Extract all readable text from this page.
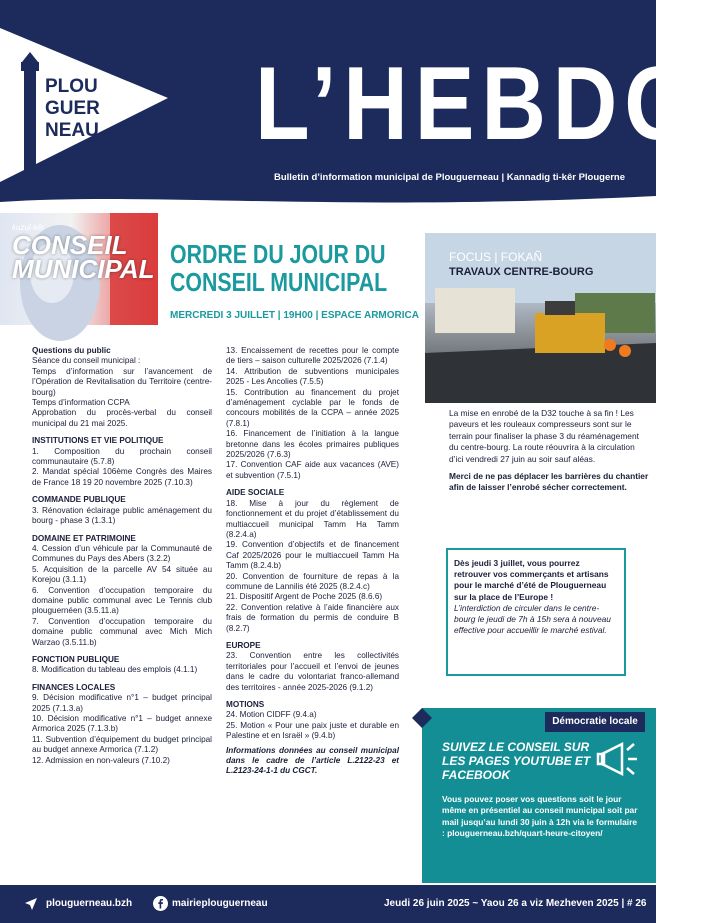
PLOU
GUER
NEAU L’HEBDO
Bulletin d’information municipal de Plouguerneau | Kannadig ti-kêr Plougerne
kuzul-kêr
CONSEIL
MUNICIPAL ORDRE DU JOUR DU
CONSEIL MUNICIPAL
MERCREDI 3 JUILLET | 19H00 | ESPACE ARMORICA

Questions du public

Séance du conseil municipal :

Temps d’information sur l’avancement de l’Opération de Revitalisation du Territoire (centre-bourg)

Temps d’information CCPA

Approbation du procès-verbal du conseil municipal du 21 mai 2025.

INSTITUTIONS ET VIE POLITIQUE

1. Composition du prochain conseil communautaire (5.7.8)

2. Mandat spécial 106ème Congrès des Maires de France 18 19 20 novembre 2025 (7.10.3)

COMMANDE PUBLIQUE

3. Rénovation éclairage public aménagement du bourg - phase 3 (1.3.1)

DOMAINE ET PATRIMOINE

4. Cession d’un véhicule par la Communauté de Communes du Pays des Abers (3.2.2)

5. Acquisition de la parcelle AV 54 située au Korejou (3.1.1)

6. Convention d’occupation temporaire du domaine public communal avec Le Tennis club plouguernéen (3.5.11.a)

7. Convention d’occupation temporaire du domaine public communal avec Mich Mich Warzao (3.5.11.b)

FONCTION PUBLIQUE

8. Modification du tableau des emplois (4.1.1)

FINANCES LOCALES

9. Décision modificative n°1 – budget principal 2025 (7.1.3.a)

10. Décision modificative n°1 – budget annexe Armorica 2025 (7.1.3.b)

11. Subvention d’équipement du budget principal au budget annexe Armorica (7.1.2)

12. Admission en non-valeurs (7.10.2)

13. Encaissement de recettes pour le compte de tiers – saison culturelle 2025/2026 (7.1.4)

14. Attribution de subventions municipales 2025 - Les Ancolies (7.5.5)

15. Contribution au financement du projet d’aménagement cyclable par le fonds de concours mobilités de la CCPA – année 2025 (7.8.1)

16. Financement de l’initiation à la langue bretonne dans les écoles primaires publiques 2025/2026 (7.6.3)

17. Convention CAF aide aux vacances (AVE) et subvention (7.5.1)

AIDE SOCIALE

18. Mise à jour du règlement de fonctionnement et du projet d’établissement du multiaccueil municipal Tamm Ha Tamm (8.2.4.a)

19. Convention d’objectifs et de financement Caf 2025/2026 pour le multiaccueil Tamm Ha Tamm (8.2.4.b)

20. Convention de fourniture de repas à la commune de Lannilis été 2025 (8.2.4.c)

21. Dispositif Argent de Poche 2025 (8.6.6)

22. Convention relative à l’aide financière aux frais de formation du permis de conduire B (8.2.7)

EUROPE

23. Convention entre les collectivités territoriales pour l’accueil et l’envoi de jeunes dans le cadre du volontariat franco-allemand des territoires - année 2025-2026 (9.1.2)

MOTIONS

24. Motion CIDFF (9.4.a)

25. Motion « Pour une paix juste et durable en Palestine et en Israël » (9.4.b)

Informations données au conseil municipal dans le cadre de l’article L.2122-23 et L.2123-24-1-1 du CGCT.

FOCUS | FOKAÑ
TRAVAUX CENTRE-BOURG

La mise en enrobé de la D32 touche à sa fin ! Les paveurs et les rouleaux compresseurs sont sur le terrain pour finaliser la phase 3 du réaménagement du centre-bourg. La route réouvrira à la circulation d’ici vendredi 27 juin au soir sauf aléas.

Merci de ne pas déplacer les barrières du chantier afin de laisser l’enrobé sécher correctement.

Dès jeudi 3 juillet, vous pourrez retrouver vos commerçants et artisans pour le marché d’été de Plouguerneau sur la place de l’Europe !

L’interdiction de circuler dans le centre-bourg le jeudi de 7h à 15h sera à nouveau effective pour accueillir le marché estival.

Démocratie locale
SUIVEZ LE CONSEIL SUR
LES PAGES YOUTUBE ET
FACEBOOK
Vous pouvez poser vos questions soit le jour même en présentiel au conseil municipal soit par mail jusqu’au lundi 30 juin à 12h via le formulaire : plouguerneau.bzh/quart-heure-citoyen/
plouguerneau.bzh	mairieplouguerneau	Jeudi 26 juin 2025 ~ Yaou 26 a viz Mezheven 2025 | # 26
